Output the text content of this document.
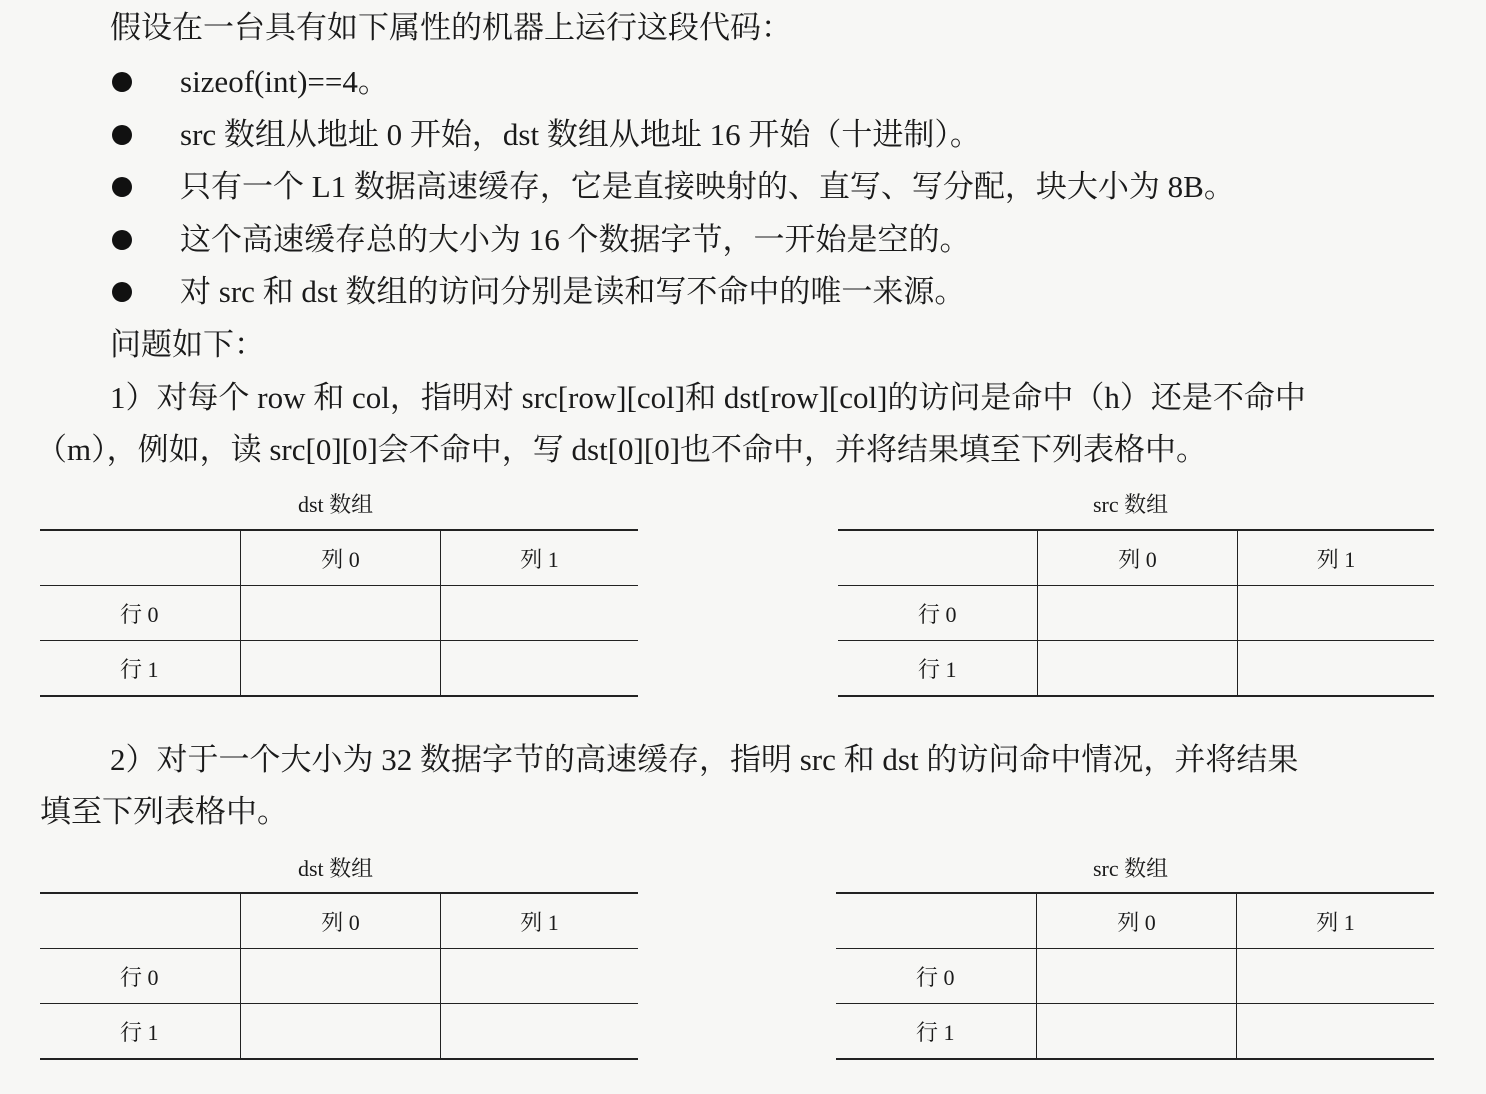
假设在一台具有如下属性的机器上运行这段代码：
sizeof(int)==4。
src 数组从地址 0 开始，dst 数组从地址 16 开始（十进制）。
只有一个 L1 数据高速缓存，它是直接映射的、直写、写分配，块大小为 8B。
这个高速缓存总的大小为 16 个数据字节，一开始是空的。
对 src 和 dst 数组的访问分别是读和写不命中的唯一来源。
问题如下：
1）对每个 row 和 col，指明对 src[row][col]和 dst[row][col]的访问是命中（h）还是不命中
（m），例如，读 src[0][0]会不命中，写 dst[0][0]也不命中，并将结果填至下列表格中。
dst 数组
	列 0	列 1
行 0		
行 1		
src 数组
	列 0	列 1
行 0		
行 1		
2）对于一个大小为 32 数据字节的高速缓存，指明 src 和 dst 的访问命中情况，并将结果
填至下列表格中。
dst 数组
	列 0	列 1
行 0		
行 1		
src 数组
	列 0	列 1
行 0		
行 1		
